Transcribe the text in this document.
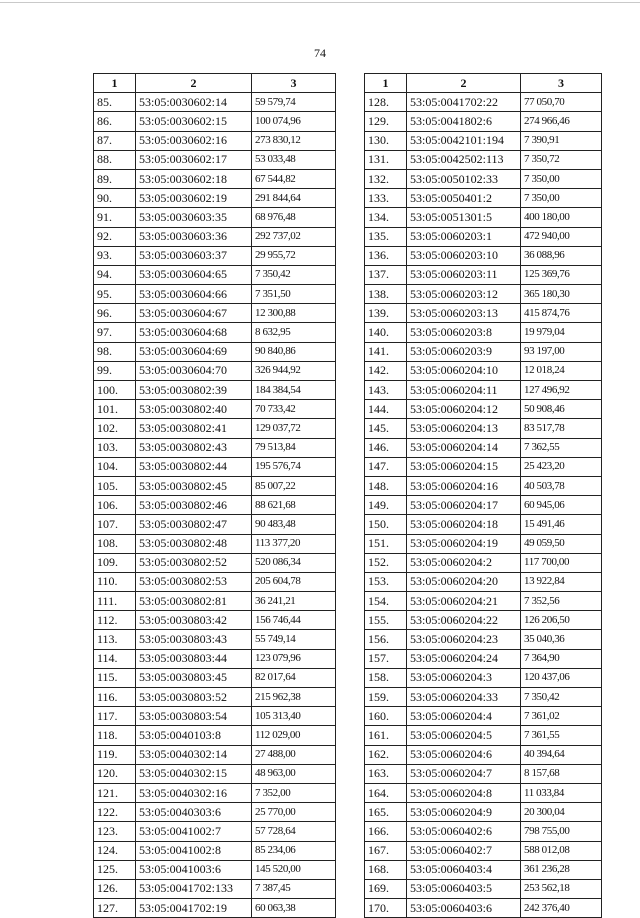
74
1	2	3
85.	53:05:0030602:14	59 579,74
86.	53:05:0030602:15	100 074,96
87.	53:05:0030602:16	273 830,12
88.	53:05:0030602:17	53 033,48
89.	53:05:0030602:18	67 544,82
90.	53:05:0030602:19	291 844,64
91.	53:05:0030603:35	68 976,48
92.	53:05:0030603:36	292 737,02
93.	53:05:0030603:37	29 955,72
94.	53:05:0030604:65	7 350,42
95.	53:05:0030604:66	7 351,50
96.	53:05:0030604:67	12 300,88
97.	53:05:0030604:68	8 632,95
98.	53:05:0030604:69	90 840,86
99.	53:05:0030604:70	326 944,92
100.	53:05:0030802:39	184 384,54
101.	53:05:0030802:40	70 733,42
102.	53:05:0030802:41	129 037,72
103.	53:05:0030802:43	79 513,84
104.	53:05:0030802:44	195 576,74
105.	53:05:0030802:45	85 007,22
106.	53:05:0030802:46	88 621,68
107.	53:05:0030802:47	90 483,48
108.	53:05:0030802:48	113 377,20
109.	53:05:0030802:52	520 086,34
110.	53:05:0030802:53	205 604,78
111.	53:05:0030802:81	36 241,21
112.	53:05:0030803:42	156 746,44
113.	53:05:0030803:43	55 749,14
114.	53:05:0030803:44	123 079,96
115.	53:05:0030803:45	82 017,64
116.	53:05:0030803:52	215 962,38
117.	53:05:0030803:54	105 313,40
118.	53:05:0040103:8	112 029,00
119.	53:05:0040302:14	27 488,00
120.	53:05:0040302:15	48 963,00
121.	53:05:0040302:16	7 352,00
122.	53:05:0040303:6	25 770,00
123.	53:05:0041002:7	57 728,64
124.	53:05:0041002:8	85 234,06
125.	53:05:0041003:6	145 520,00
126.	53:05:0041702:133	7 387,45
127.	53:05:0041702:19	60 063,38
1	2	3
128.	53:05:0041702:22	77 050,70
129.	53:05:0041802:6	274 966,46
130.	53:05:0042101:194	7 390,91
131.	53:05:0042502:113	7 350,72
132.	53:05:0050102:33	7 350,00
133.	53:05:0050401:2	7 350,00
134.	53:05:0051301:5	400 180,00
135.	53:05:0060203:1	472 940,00
136.	53:05:0060203:10	36 088,96
137.	53:05:0060203:11	125 369,76
138.	53:05:0060203:12	365 180,30
139.	53:05:0060203:13	415 874,76
140.	53:05:0060203:8	19 979,04
141.	53:05:0060203:9	93 197,00
142.	53:05:0060204:10	12 018,24
143.	53:05:0060204:11	127 496,92
144.	53:05:0060204:12	50 908,46
145.	53:05:0060204:13	83 517,78
146.	53:05:0060204:14	7 362,55
147.	53:05:0060204:15	25 423,20
148.	53:05:0060204:16	40 503,78
149.	53:05:0060204:17	60 945,06
150.	53:05:0060204:18	15 491,46
151.	53:05:0060204:19	49 059,50
152.	53:05:0060204:2	117 700,00
153.	53:05:0060204:20	13 922,84
154.	53:05:0060204:21	7 352,56
155.	53:05:0060204:22	126 206,50
156.	53:05:0060204:23	35 040,36
157.	53:05:0060204:24	7 364,90
158.	53:05:0060204:3	120 437,06
159.	53:05:0060204:33	7 350,42
160.	53:05:0060204:4	7 361,02
161.	53:05:0060204:5	7 361,55
162.	53:05:0060204:6	40 394,64
163.	53:05:0060204:7	8 157,68
164.	53:05:0060204:8	11 033,84
165.	53:05:0060204:9	20 300,04
166.	53:05:0060402:6	798 755,00
167.	53:05:0060402:7	588 012,08
168.	53:05:0060403:4	361 236,28
169.	53:05:0060403:5	253 562,18
170.	53:05:0060403:6	242 376,40
